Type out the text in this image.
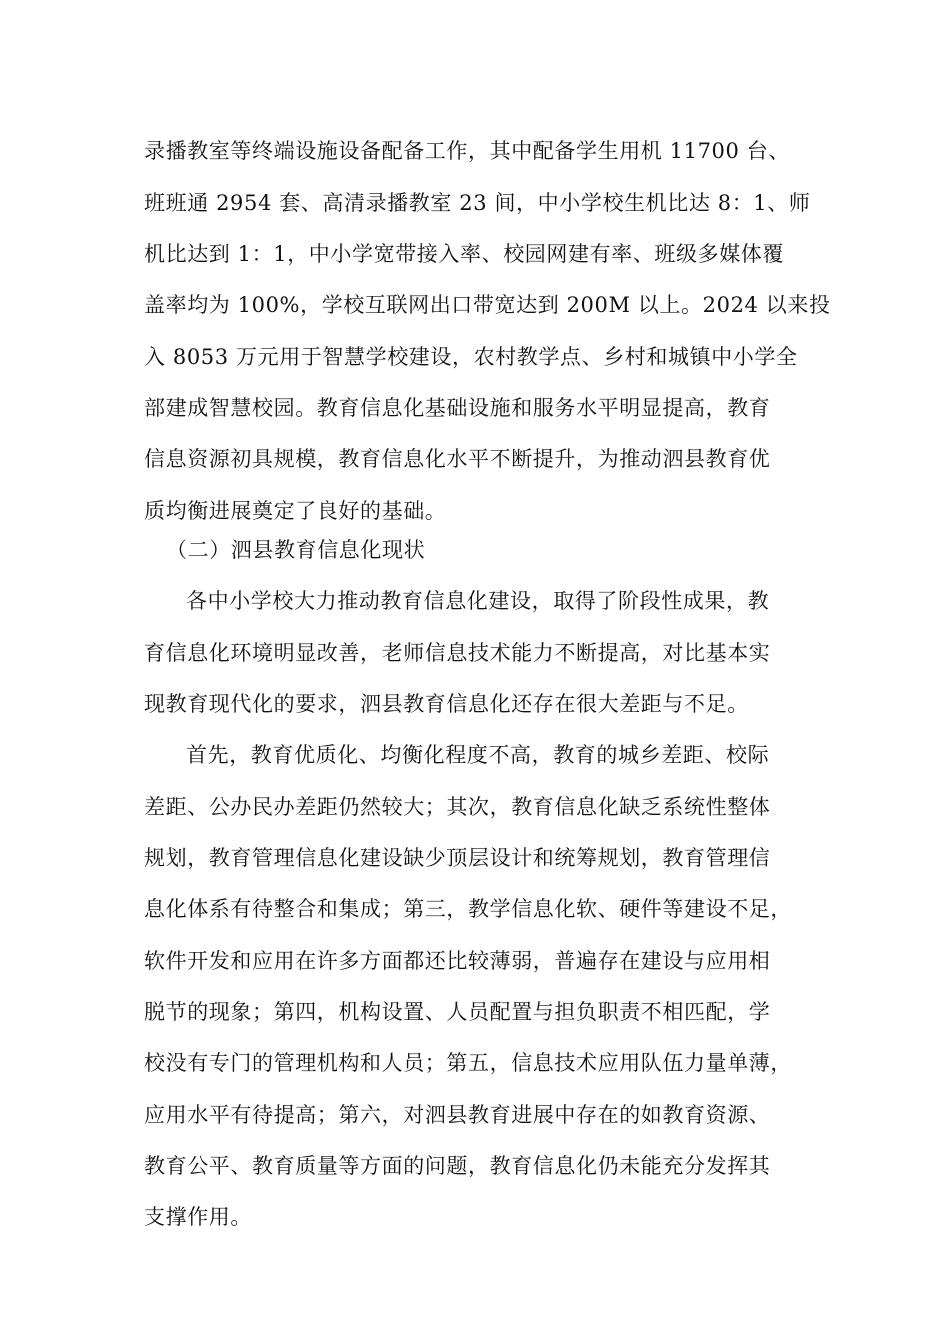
录播教室等终端设施设备配备工作，其中配备学生用机 11700 台、
班班通 2954 套、高清录播教室 23 间，中小学校生机比达 8：1、师
机比达到 1：1，中小学宽带接入率、校园网建有率、班级多媒体覆
盖率均为 100%，学校互联网出口带宽达到 200M 以上。2024 以来投
入 8053 万元用于智慧学校建设，农村教学点、乡村和城镇中小学全
部建成智慧校园。教育信息化基础设施和服务水平明显提高，教育
信息资源初具规模，教育信息化水平不断提升，为推动泗县教育优
质均衡进展奠定了良好的基础。
（二）泗县教育信息化现状
各中小学校大力推动教育信息化建设，取得了阶段性成果，教
育信息化环境明显改善，老师信息技术能力不断提高，对比基本实
现教育现代化的要求，泗县教育信息化还存在很大差距与不足。
首先，教育优质化、均衡化程度不高，教育的城乡差距、校际
差距、公办民办差距仍然较大；其次，教育信息化缺乏系统性整体
规划，教育管理信息化建设缺少顶层设计和统筹规划，教育管理信
息化体系有待整合和集成；第三，教学信息化软、硬件等建设不足，
软件开发和应用在许多方面都还比较薄弱，普遍存在建设与应用相
脱节的现象；第四，机构设置、人员配置与担负职责不相匹配，学
校没有专门的管理机构和人员；第五，信息技术应用队伍力量单薄，
应用水平有待提高；第六，对泗县教育进展中存在的如教育资源、
教育公平、教育质量等方面的问题，教育信息化仍未能充分发挥其
支撑作用。
